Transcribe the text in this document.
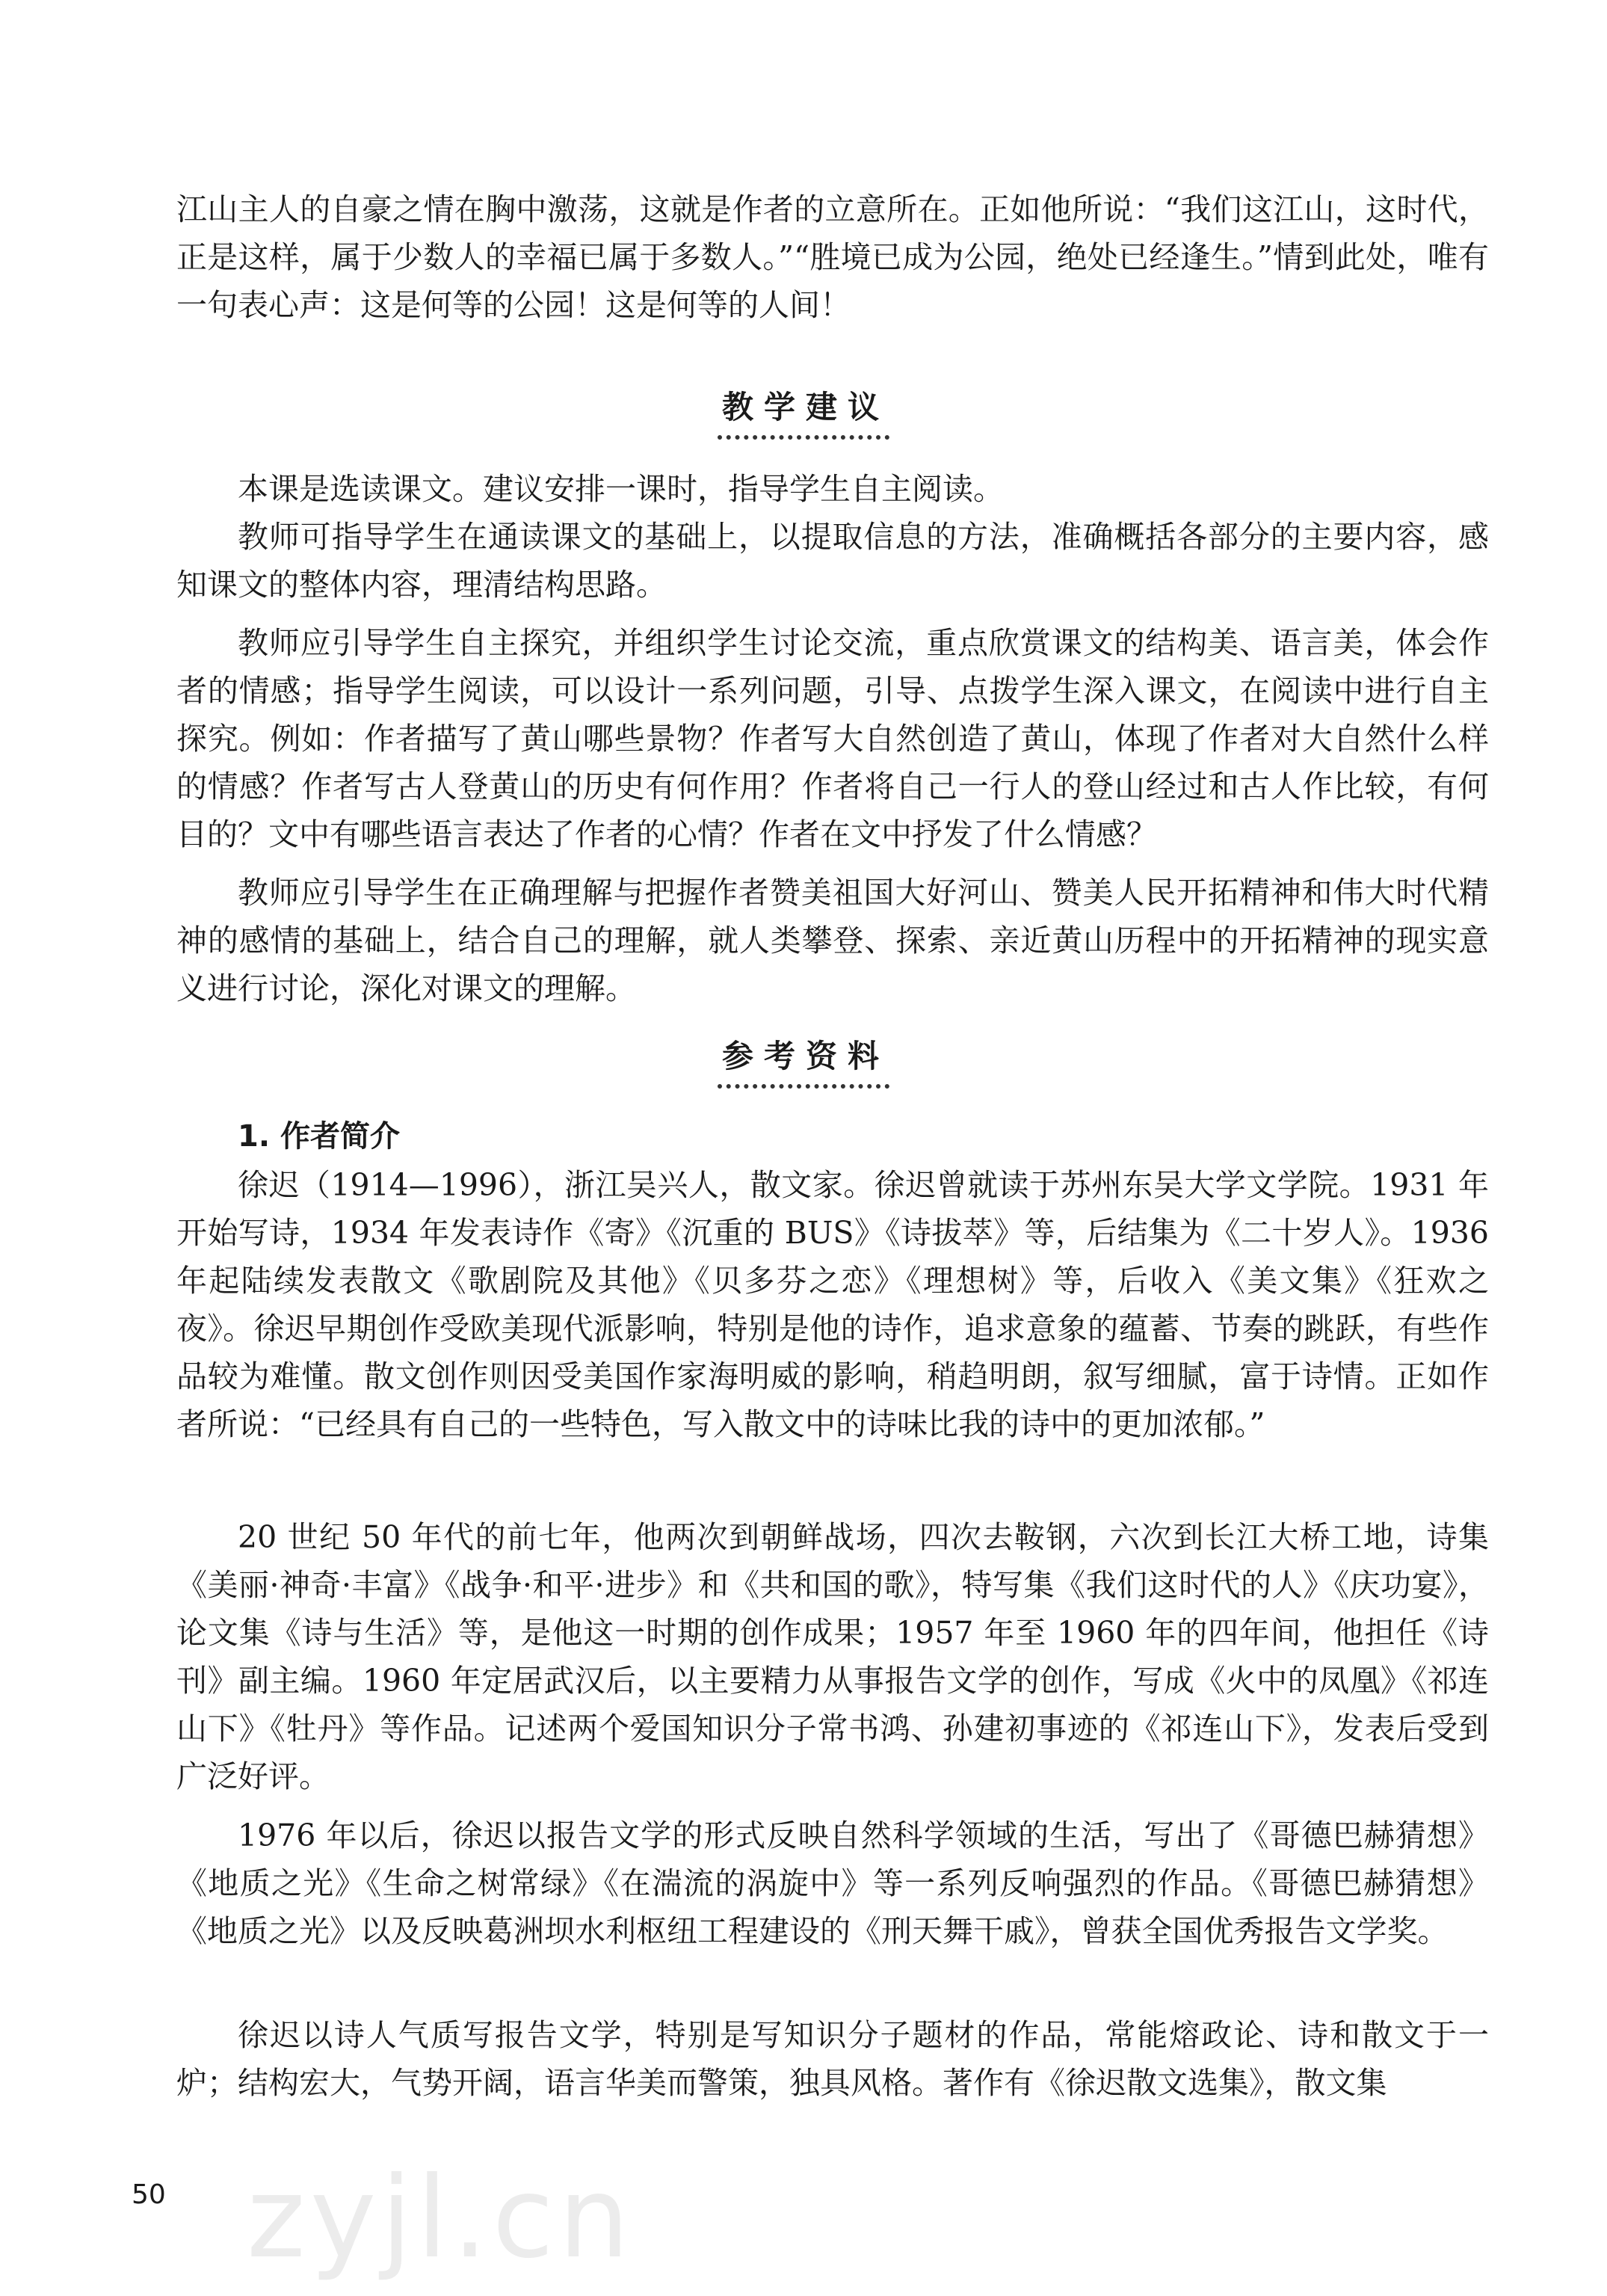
江山主人的自豪之情在胸中激荡，这就是作者的立意所在。正如他所说：“我们这江山，这时代，正是这样，属于少数人的幸福已属于多数人。”“胜境已成为公园，绝处已经逢生。”情到此处，唯有一句表心声：这是何等的公园！这是何等的人间！

教学建议

本课是选读课文。建议安排一课时，指导学生自主阅读。

教师可指导学生在通读课文的基础上，以提取信息的方法，准确概括各部分的主要内容，感知课文的整体内容，理清结构思路。

教师应引导学生自主探究，并组织学生讨论交流，重点欣赏课文的结构美、语言美，体会作者的情感；指导学生阅读，可以设计一系列问题，引导、点拨学生深入课文，在阅读中进行自主探究。例如：作者描写了黄山哪些景物？作者写大自然创造了黄山，体现了作者对大自然什么样的情感？作者写古人登黄山的历史有何作用？作者将自己一行人的登山经过和古人作比较，有何目的？文中有哪些语言表达了作者的心情？作者在文中抒发了什么情感？

教师应引导学生在正确理解与把握作者赞美祖国大好河山、赞美人民开拓精神和伟大时代精神的感情的基础上，结合自己的理解，就人类攀登、探索、亲近黄山历程中的开拓精神的现实意义进行讨论，深化对课文的理解。

参考资料
1. 作者简介

徐迟（1914—1996），浙江吴兴人，散文家。徐迟曾就读于苏州东吴大学文学院。1931 年开始写诗，1934 年发表诗作《寄》《沉重的 BUS》《诗拔萃》等，后结集为《二十岁人》。1936 年起陆续发表散文《歌剧院及其他》《贝多芬之恋》《理想树》等，后收入《美文集》《狂欢之夜》。徐迟早期创作受欧美现代派影响，特别是他的诗作，追求意象的蕴蓄、节奏的跳跃，有些作品较为难懂。散文创作则因受美国作家海明威的影响，稍趋明朗，叙写细腻，富于诗情。正如作者所说：“已经具有自己的一些特色，写入散文中的诗味比我的诗中的更加浓郁。”

20 世纪 50 年代的前七年，他两次到朝鲜战场，四次去鞍钢，六次到长江大桥工地，诗集《美丽·神奇·丰富》《战争·和平·进步》和《共和国的歌》，特写集《我们这时代的人》《庆功宴》，论文集《诗与生活》等，是他这一时期的创作成果；1957 年至 1960 年的四年间，他担任《诗刊》副主编。1960 年定居武汉后，以主要精力从事报告文学的创作，写成《火中的凤凰》《祁连山下》《牡丹》等作品。记述两个爱国知识分子常书鸿、孙建初事迹的《祁连山下》，发表后受到广泛好评。

1976 年以后，徐迟以报告文学的形式反映自然科学领域的生活，写出了《哥德巴赫猜想》《地质之光》《生命之树常绿》《在湍流的涡旋中》等一系列反响强烈的作品。《哥德巴赫猜想》《地质之光》以及反映葛洲坝水利枢纽工程建设的《刑天舞干戚》，曾获全国优秀报告文学奖。

徐迟以诗人气质写报告文学，特别是写知识分子题材的作品，常能熔政论、诗和散文于一炉；结构宏大，气势开阔，语言华美而警策，独具风格。著作有《徐迟散文选集》，散文集

50 zyjl.cn
